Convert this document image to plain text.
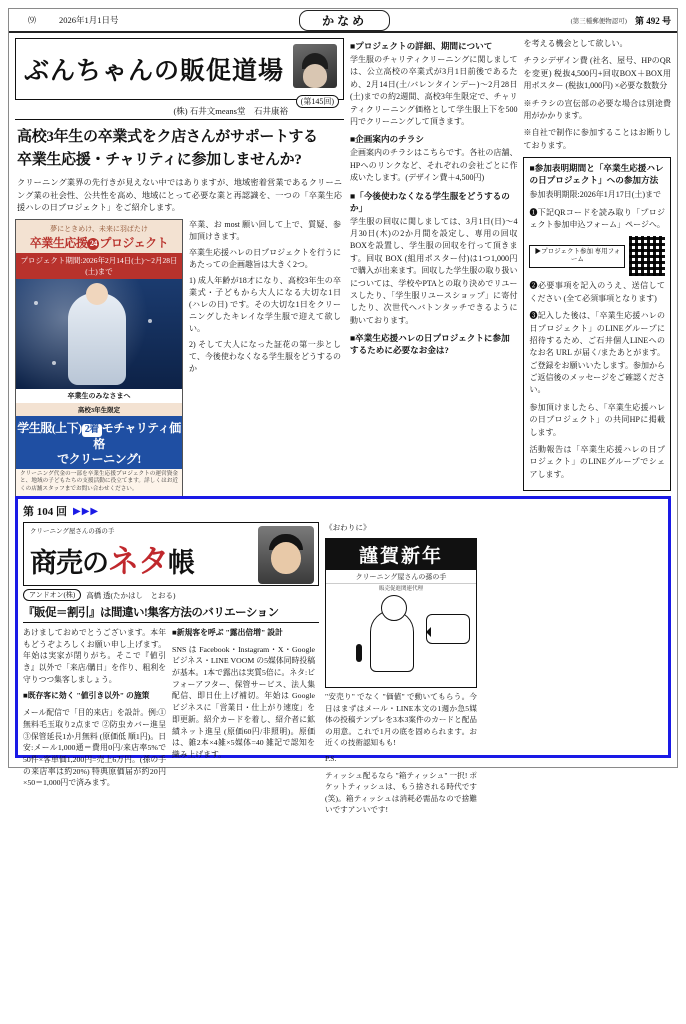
⑼	2026年1月1日号	かなめ	(第三種郵便物認可) 第 492 号
ぶんちゃんの販促道場
(第145回)
(株) 石井文means堂　石井康裕
高校3年生の卒業式をク店さんがサポートする
卒業生応援・チャリティに参加しませんか?
クリーニング業界の先行きが見えない中ではありますが、地域密着営業であるクリーニング業の社会性、公共性を高め、地域にとって必要な業と再認識を、一つの「卒業生応援ハレの日プロジェクト」をご紹介します。
夢にときめけ、未来に羽ばたけ
卒業生応援 24 プロジェクト
プロジェクト期間:2026年2月14日(土)〜2月28日(土)まで
卒業生のみなさまへ
高校3年生限定
学生服(上下) 2着 モチャリティ価格
でクリーニング!
クリーニング代金の一部を卒業生応援プロジェクトの運営資金と、地域の子どもたちの支援活動に役立てます。詳しくはお近くの店舗スタッフまでお問い合わせください。

卒業、お most 願い回して上で、質疑、参加頂けきます。

卒業生応援ハレの日プロジェクトを行うにあたっての企画趣旨は大きく2つ。

1) 成人年齢が18才になり、高校3年生の卒業式・子どもから大人になる大切な1日 (ハレの日) です。その大切な1日をクリーニングしたキレイな学生服で迎えて欲しい。

2) そして大人になった証花の第一歩として、今後使わなくなる学生服をどうするのか

■プロジェクトの詳細、期間について

学生服のチャリティクリーニングに関しましては、公立高校の卒業式が3月1日前後であるため、2月14日(土/バレンタインデー)〜2月28日(土)までの約2週間、高校3年生限定で、チャリティクリーニング価格として学生服上下を500円でクリーニングして頂きます。

■企画案内のチラシ

企画案内のチラシはこちらです。各社の店舗、HPへのリンクなど、それぞれの会社ごとに作成いたします。(デザイン費＋4,500円)

■「今後使わなくなる学生服をどうするのか」

学生服の回収に関しましては、3月1日(日)〜4月30日(木)の2か月間を設定し、専用の回収BOXを設置し、学生服の回収を行って頂きます。回収 BOX (組用ポスター付)は1つ1,000円で購入が出来ます。回収した学生服の取り扱いについては、学校やPTAとの取り決めでリユースしたり、「学生服リユースショップ」に寄付したり、次世代へバトンタッチできるように動いております。

■卒業生応援ハレの日プロジェクトに参加するために必要なお金は?

を考える機会として欲しい。

チラシデザイン費 (社名、屋号、HPのQRを変更) 税抜4,500円+回収BOX＋BOX用用ポスター (税抜1,000円) ×必要な数数分

※チラシの宣伝部の必要な場合は別途費用がかかります。

※自社で制作に参加することはお断りしております。

■参加表明期間と「卒業生応援ハレの日プロジェクト」への参加方法

参加表明期限:2026年1月17日(土)まで

❶下記QRコードを読み取り「プロジェクト参加申込フォーム」ページへ。

▶プロジェクト参加 専用フォーム

❷必要事項を記入のうえ、送信してください (全て必須事項となります)

❸記入した後は、「卒業生応援ハレの日プロジェクト」のLINEグループに招待するため、ご石井個人LINEへのなお名 URL が届く/またあとがます。ご登録をお願いいたします。参加からご返信後のメッセージをご確認ください。

参加頂けましたら、「卒業生応援ハレの日プロジェクト」の共同HPに掲載します。

活動報告は「卒業生応援ハレの日プロジェクト」のLINEグループでシェアします。

第 104 回 ▶▶▶
クリーニング屋さんの孫の手
商売のネタ帳
アンドオン(株)	高橋 透(たかはし　とおる)
『販促＝割引』は間違い!集客方法のバリエーション

あけましておめでとうございます。本年もどうぞよろしくお願い申し上げます。年始は実家が閉りがち。そこで『値引き』以外で「来店/購日」を作り、粗利を守りつつ集客しましょう。

■既存客に効く "値引き以外" の施策

メール配信で「目的来店」を設計。例:①無料毛玉取り2点まで ②防虫カバー進呈 ③保管延長1か月無料 (原価低 順1円)。日安:メール1,000通＝費用0円/来店率5%で50件×客単価1,200円=売上6万円。(孫の手の来店率は約20%) 特典原価届が約20円×50＝1,000円で済みます。

■新規客を呼ぶ "露出倍増" 設計

SNS は Facebook・Instagram・X・Google ビジネス・LINE VOOM の5媒体同時投稿が基本。1本で露出は実質5倍に。ネタ:ビフォーアフター、保管サービス、法人集配信、即日仕上げ補切。年始は Google ビジネスに「営業日・仕上がり速度」を即更新。紹介カードを着し、紹介者に鉱績ネット進呈 (原価60円/非照明)。原価は、雑2本×4雑×5媒体=40 雑記で認知を織み上げます。

《おわりに》

謹賀新年
クリーニング屋さんの孫の手
販売促進関連代理

"安売り" でなく "価値" で動いてもらう。今日はまずはメール・LINE本文の1週か急5媒体の投稿テンプレを3本3案件のカードと配品の用意。これで1月の底を固められます。お近くの技術認知もも!

P.S.

ティッシュ配るなら "箱ティッシュ" 一択! ポケットティッシュは、もう捨される時代です(笑)。箱ティッシュは消耗必需品なので捨難いですアンいです!
